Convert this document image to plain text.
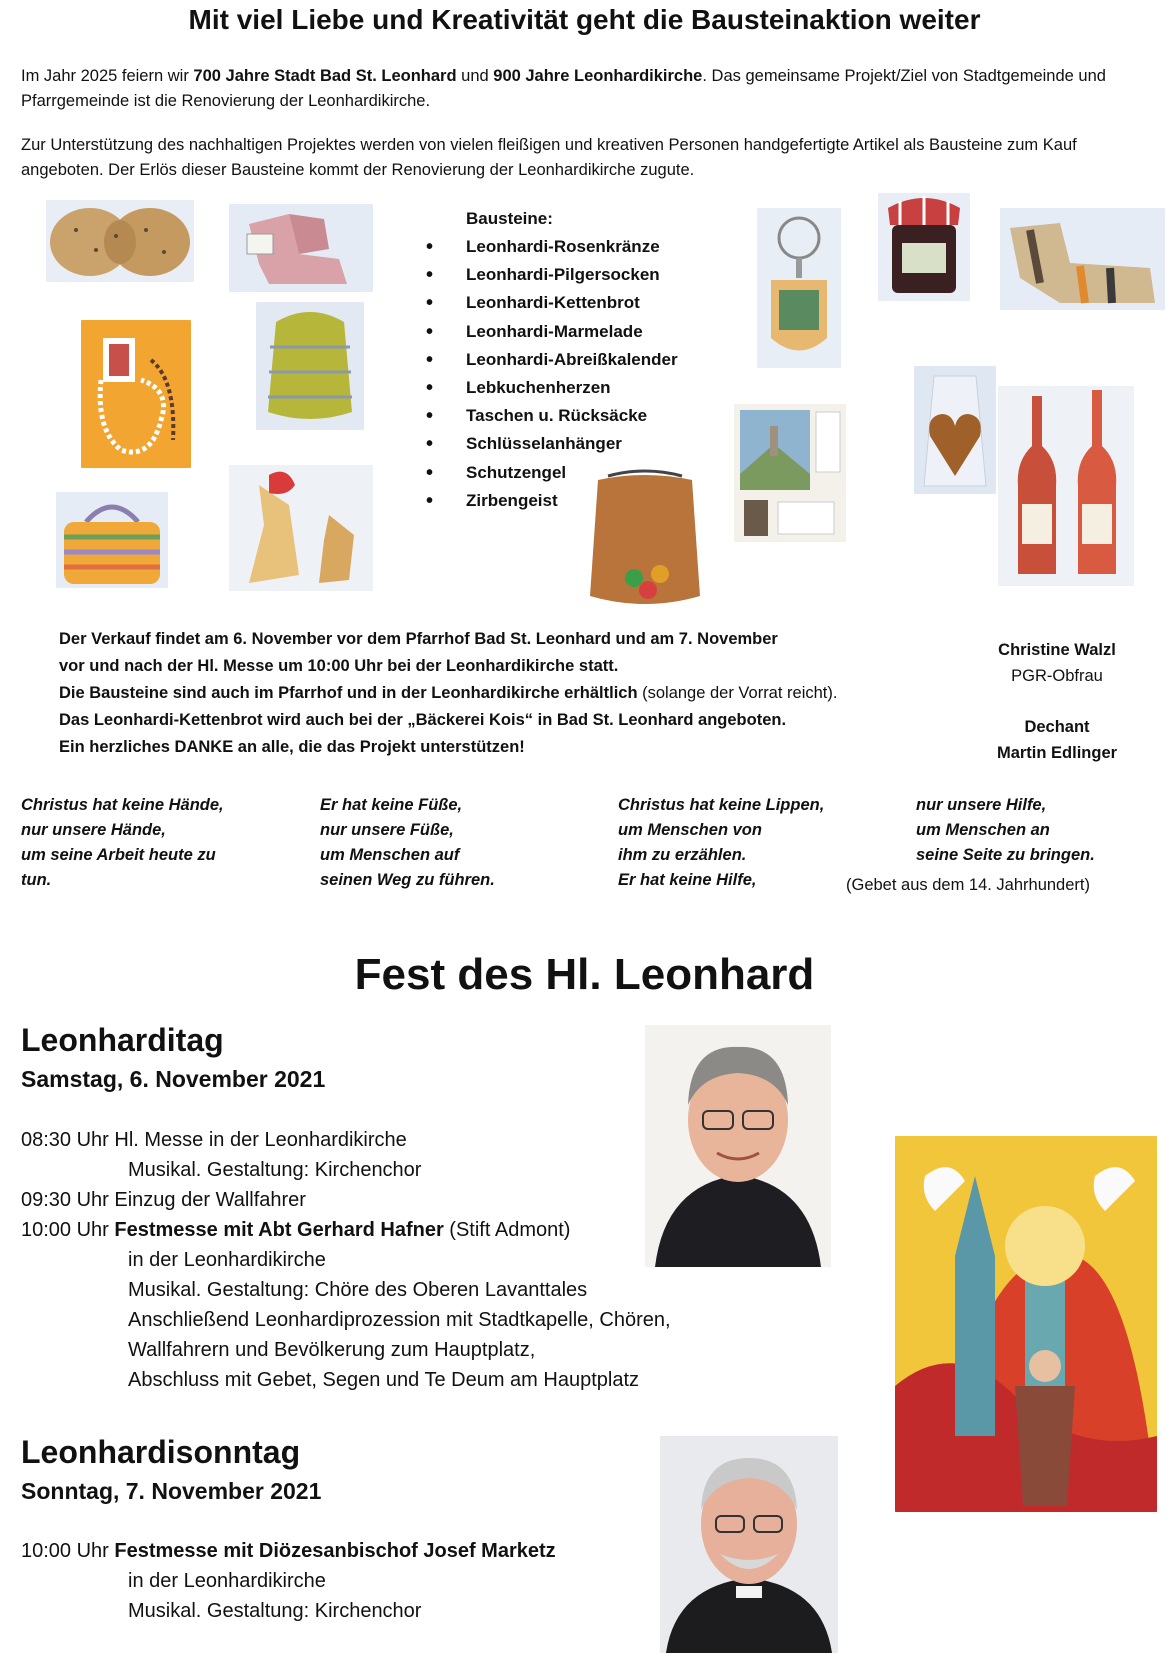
Mit viel Liebe und Kreativität geht die Bausteinaktion weiter
Im Jahr 2025 feiern wir 700 Jahre Stadt Bad St. Leonhard und 900 Jahre Leonhardikirche. Das gemeinsame Projekt/Ziel von Stadtgemeinde und Pfarrgemeinde ist die Renovierung der Leonhardikirche.
Zur Unterstützung des nachhaltigen Projektes werden von vielen fleißigen und kreativen Personen handgefertigte Artikel als Bausteine zum Kauf angeboten. Der Erlös dieser Bausteine kommt der Renovierung der Leonhardikirche zugute.
Bausteine:
• Leonhardi-Rosenkränze
• Leonhardi-Pilgersocken
• Leonhardi-Kettenbrot
• Leonhardi-Marmelade
• Leonhardi-Abreißkalender
• Lebkuchenherzen
• Taschen u. Rücksäcke
• Schlüsselanhänger
• Schutzengel
• Zirbengeist
Der Verkauf findet am 6. November vor dem Pfarrhof Bad St. Leonhard und am 7. November
vor und nach der Hl. Messe um 10:00 Uhr bei der Leonhardikirche statt.
Die Bausteine sind auch im Pfarrhof und in der Leonhardikirche erhältlich (solange der Vorrat reicht).
Das Leonhardi-Kettenbrot wird auch bei der „Bäckerei Kois“ in Bad St. Leonhard angeboten.
Ein herzliches DANKE an alle, die das Projekt unterstützen!
Christine Walzl
PGR-Obfrau
Dechant
Martin Edlinger
Christus hat keine Hände,
nur unsere Hände,
um seine Arbeit heute zu
tun.
Er hat keine Füße,
nur unsere Füße,
um Menschen auf
seinen Weg zu führen.
Christus hat keine Lippen,
um Menschen von
ihm zu erzählen.
Er hat keine Hilfe,
nur unsere Hilfe,
um Menschen an
seine Seite zu bringen.
(Gebet aus dem 14. Jahrhundert)
Fest des Hl. Leonhard
Leonharditag
Samstag, 6. November 2021
08:30 Uhr Hl. Messe in der Leonhardikirche
Musikal. Gestaltung: Kirchenchor
09:30 Uhr Einzug der Wallfahrer
10:00 Uhr Festmesse mit Abt Gerhard Hafner (Stift Admont)
in der Leonhardikirche
Musikal. Gestaltung: Chöre des Oberen Lavanttales
Anschließend Leonhardiprozession mit Stadtkapelle, Chören,
Wallfahrern und Bevölkerung zum Hauptplatz,
Abschluss mit Gebet, Segen und Te Deum am Hauptplatz
Leonhardisonntag
Sonntag, 7. November 2021
10:00 Uhr Festmesse mit Diözesanbischof Josef Marketz
in der Leonhardikirche
Musikal. Gestaltung: Kirchenchor
